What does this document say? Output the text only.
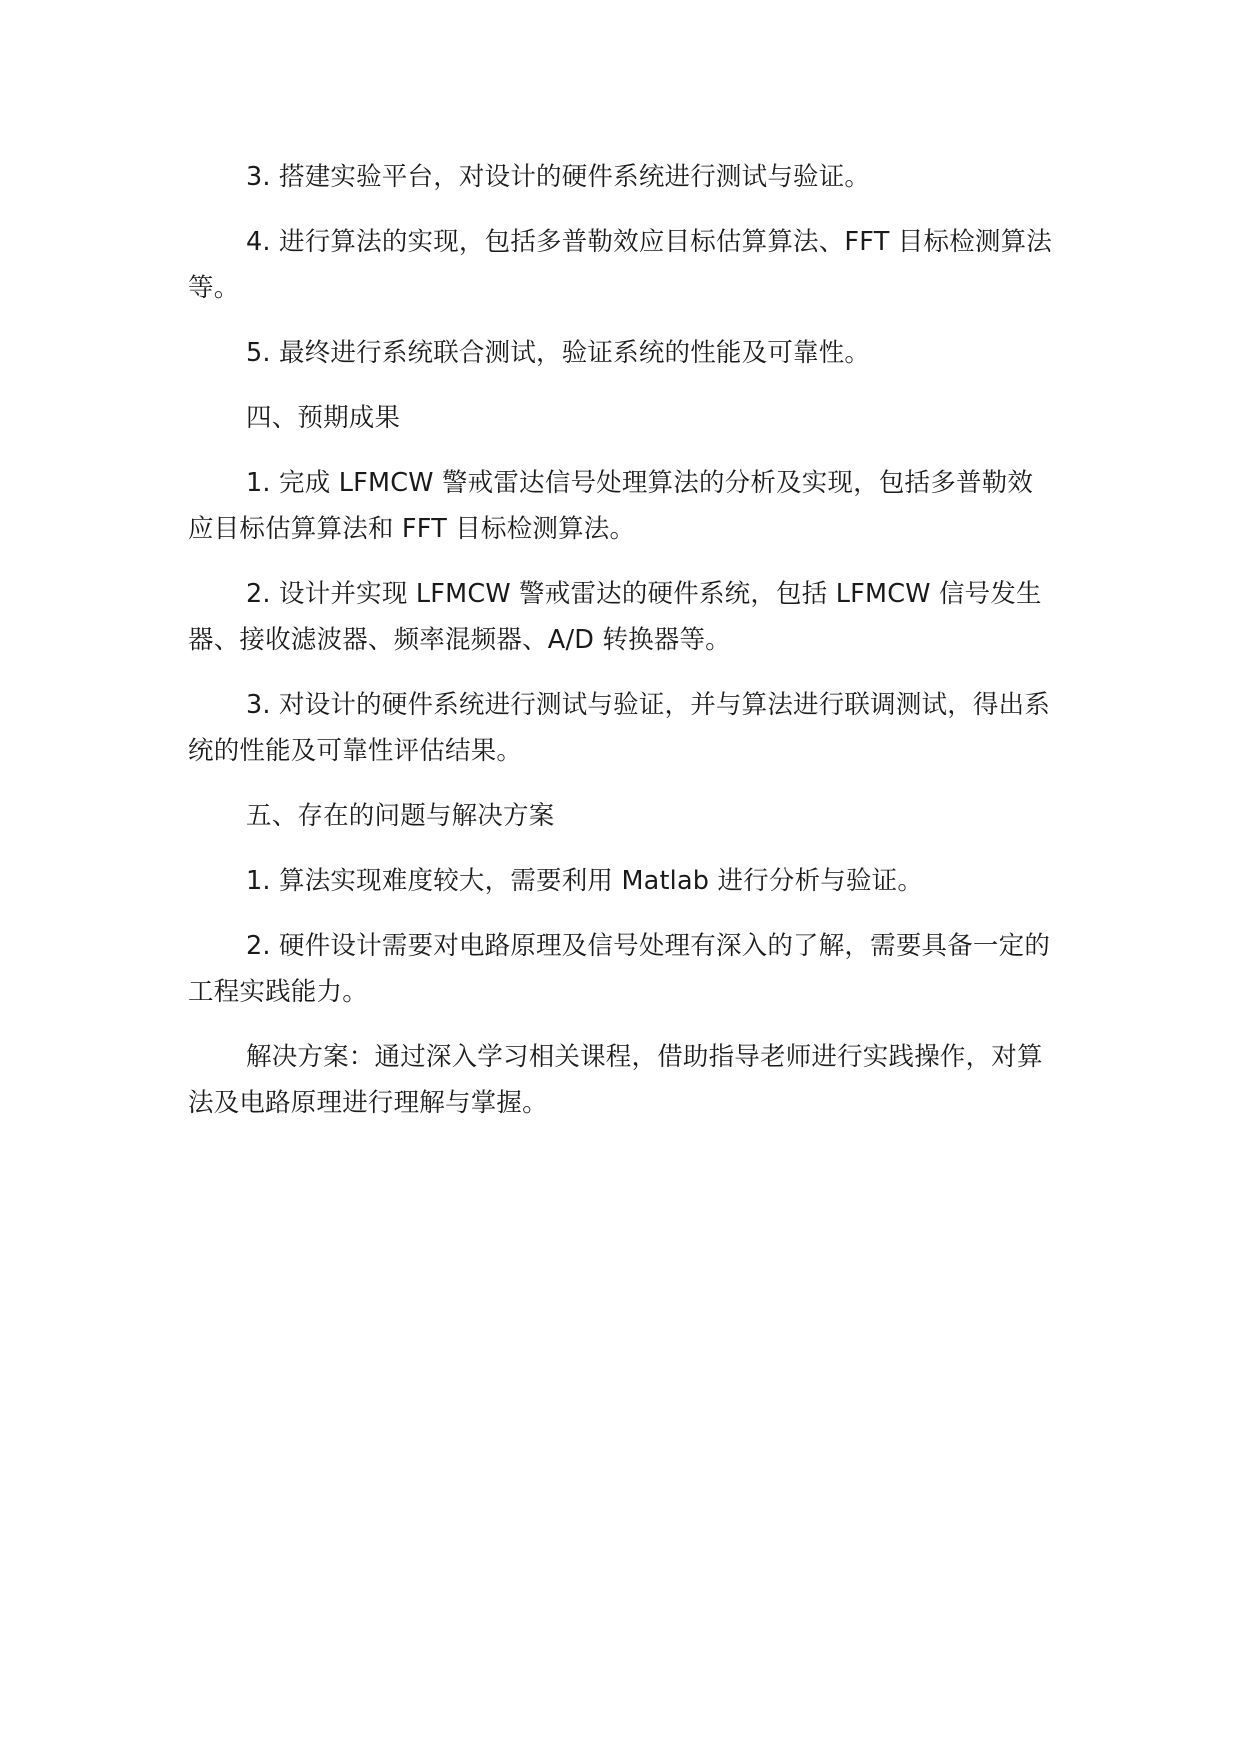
3. 搭建实验平台，对设计的硬件系统进行测试与验证。

4. 进行算法的实现，包括多普勒效应目标估算算法、FFT 目标检测算法等。

5. 最终进行系统联合测试，验证系统的性能及可靠性。

四、预期成果

1. 完成 LFMCW 警戒雷达信号处理算法的分析及实现，包括多普勒效应目标估算算法和 FFT 目标检测算法。

2. 设计并实现 LFMCW 警戒雷达的硬件系统，包括 LFMCW 信号发生器、接收滤波器、频率混频器、A/D 转换器等。

3. 对设计的硬件系统进行测试与验证，并与算法进行联调测试，得出系统的性能及可靠性评估结果。

五、存在的问题与解决方案

1. 算法实现难度较大，需要利用 Matlab 进行分析与验证。

2. 硬件设计需要对电路原理及信号处理有深入的了解，需要具备一定的工程实践能力。

解决方案：通过深入学习相关课程，借助指导老师进行实践操作，对算法及电路原理进行理解与掌握。
